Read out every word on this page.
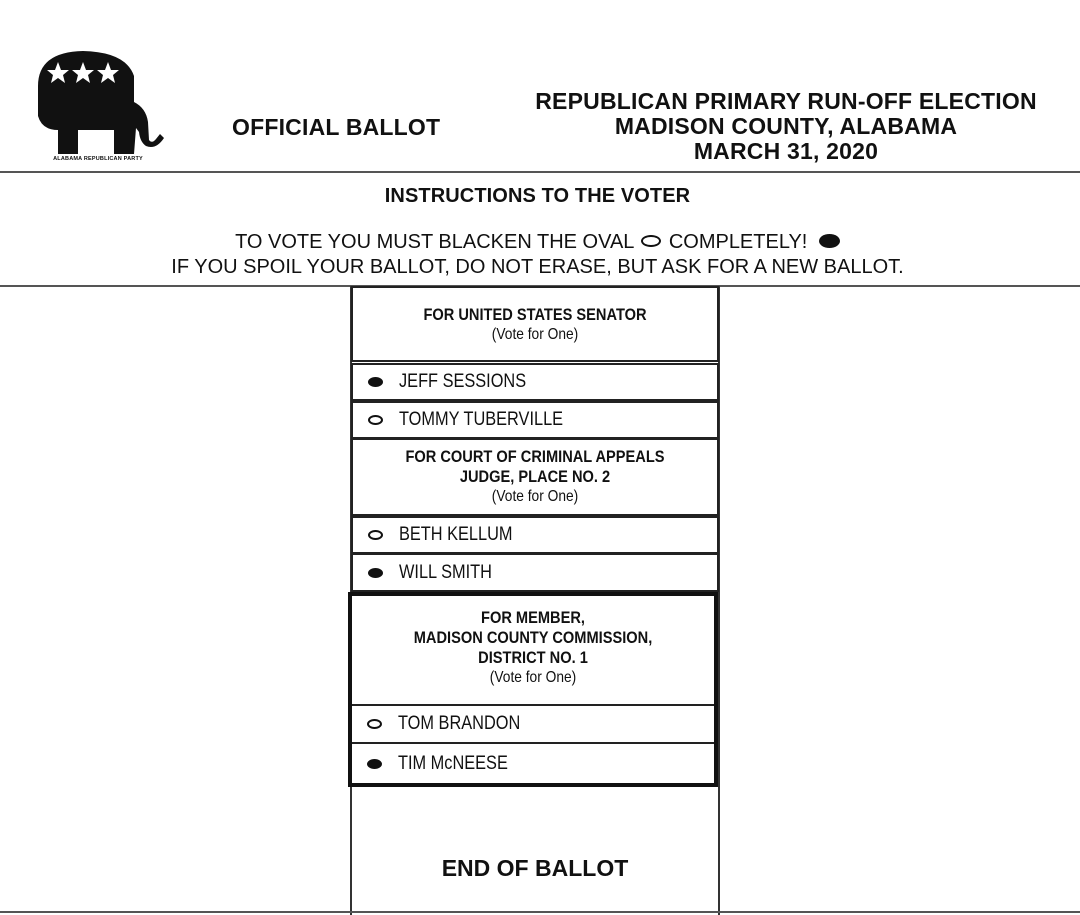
ALABAMA REPUBLICAN PARTY
OFFICIAL BALLOT
REPUBLICAN PRIMARY RUN-OFF ELECTION
MADISON COUNTY, ALABAMA
MARCH 31, 2020
INSTRUCTIONS TO THE VOTER
TO VOTE YOU MUST BLACKEN THE OVAL COMPLETELY!
IF YOU SPOIL YOUR BALLOT, DO NOT ERASE, BUT ASK FOR A NEW BALLOT.
FOR UNITED STATES SENATOR
(Vote for One)
JEFF SESSIONS
TOMMY TUBERVILLE
FOR COURT OF CRIMINAL APPEALS
JUDGE, PLACE NO. 2
(Vote for One)
BETH KELLUM
WILL SMITH
FOR MEMBER,
MADISON COUNTY COMMISSION,
DISTRICT NO. 1
(Vote for One)
TOM BRANDON
TIM McNEESE
END OF BALLOT
